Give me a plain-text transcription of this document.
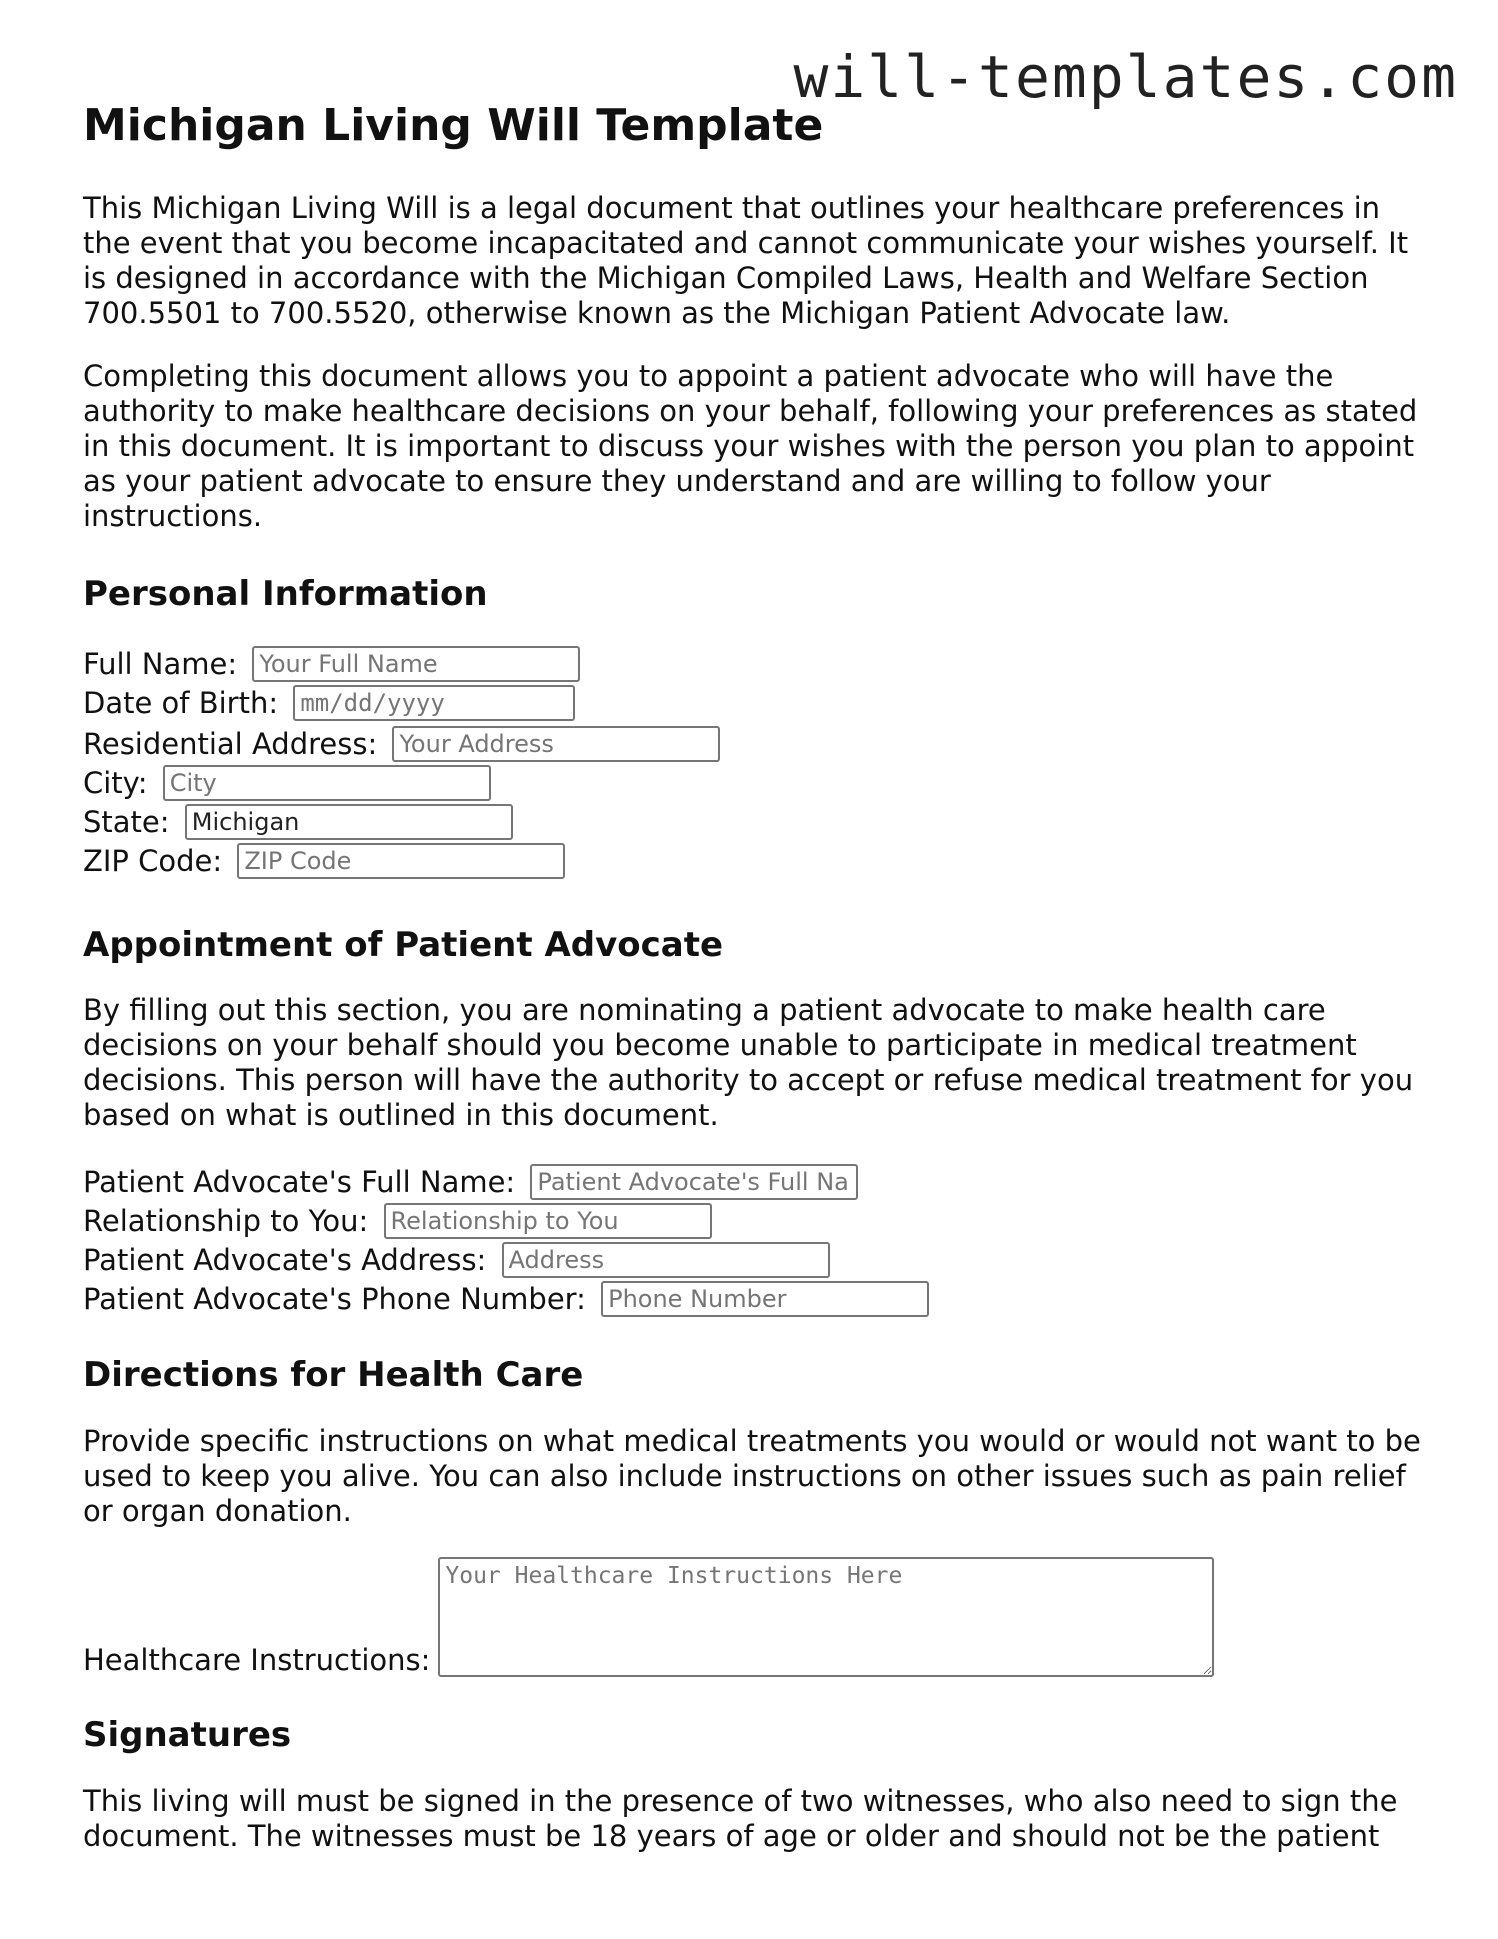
will-templates.com
Michigan Living Will Template

This Michigan Living Will is a legal document that outlines your healthcare preferences in the event that you become incapacitated and cannot communicate your wishes yourself. It is designed in accordance with the Michigan Compiled Laws, Health and Welfare Section 700.5501 to 700.5520, otherwise known as the Michigan Patient Advocate law.

Completing this document allows you to appoint a patient advocate who will have the authority to make healthcare decisions on your behalf, following your preferences as stated in this document. It is important to discuss your wishes with the person you plan to appoint as your patient advocate to ensure they understand and are willing to follow your instructions.

Personal Information
Full Name: Your Full Name
Date of Birth: mm/dd/yyyy
Residential Address: Your Address
City: City
State: Michigan
ZIP Code: ZIP Code
Appointment of Patient Advocate

By filling out this section, you are nominating a patient advocate to make health care decisions on your behalf should you become unable to participate in medical treatment decisions. This person will have the authority to accept or refuse medical treatment for you based on what is outlined in this document.

Patient Advocate's Full Name: Patient Advocate's Full Name
Relationship to You: Relationship to You
Patient Advocate's Address: Address
Patient Advocate's Phone Number: Phone Number
Directions for Health Care

Provide specific instructions on what medical treatments you would or would not want to be used to keep you alive. You can also include instructions on other issues such as pain relief or organ donation.

Healthcare Instructions:
Your Healthcare Instructions Here
Signatures

This living will must be signed in the presence of two witnesses, who also need to sign the document. The witnesses must be 18 years of age or older and should not be the patient
